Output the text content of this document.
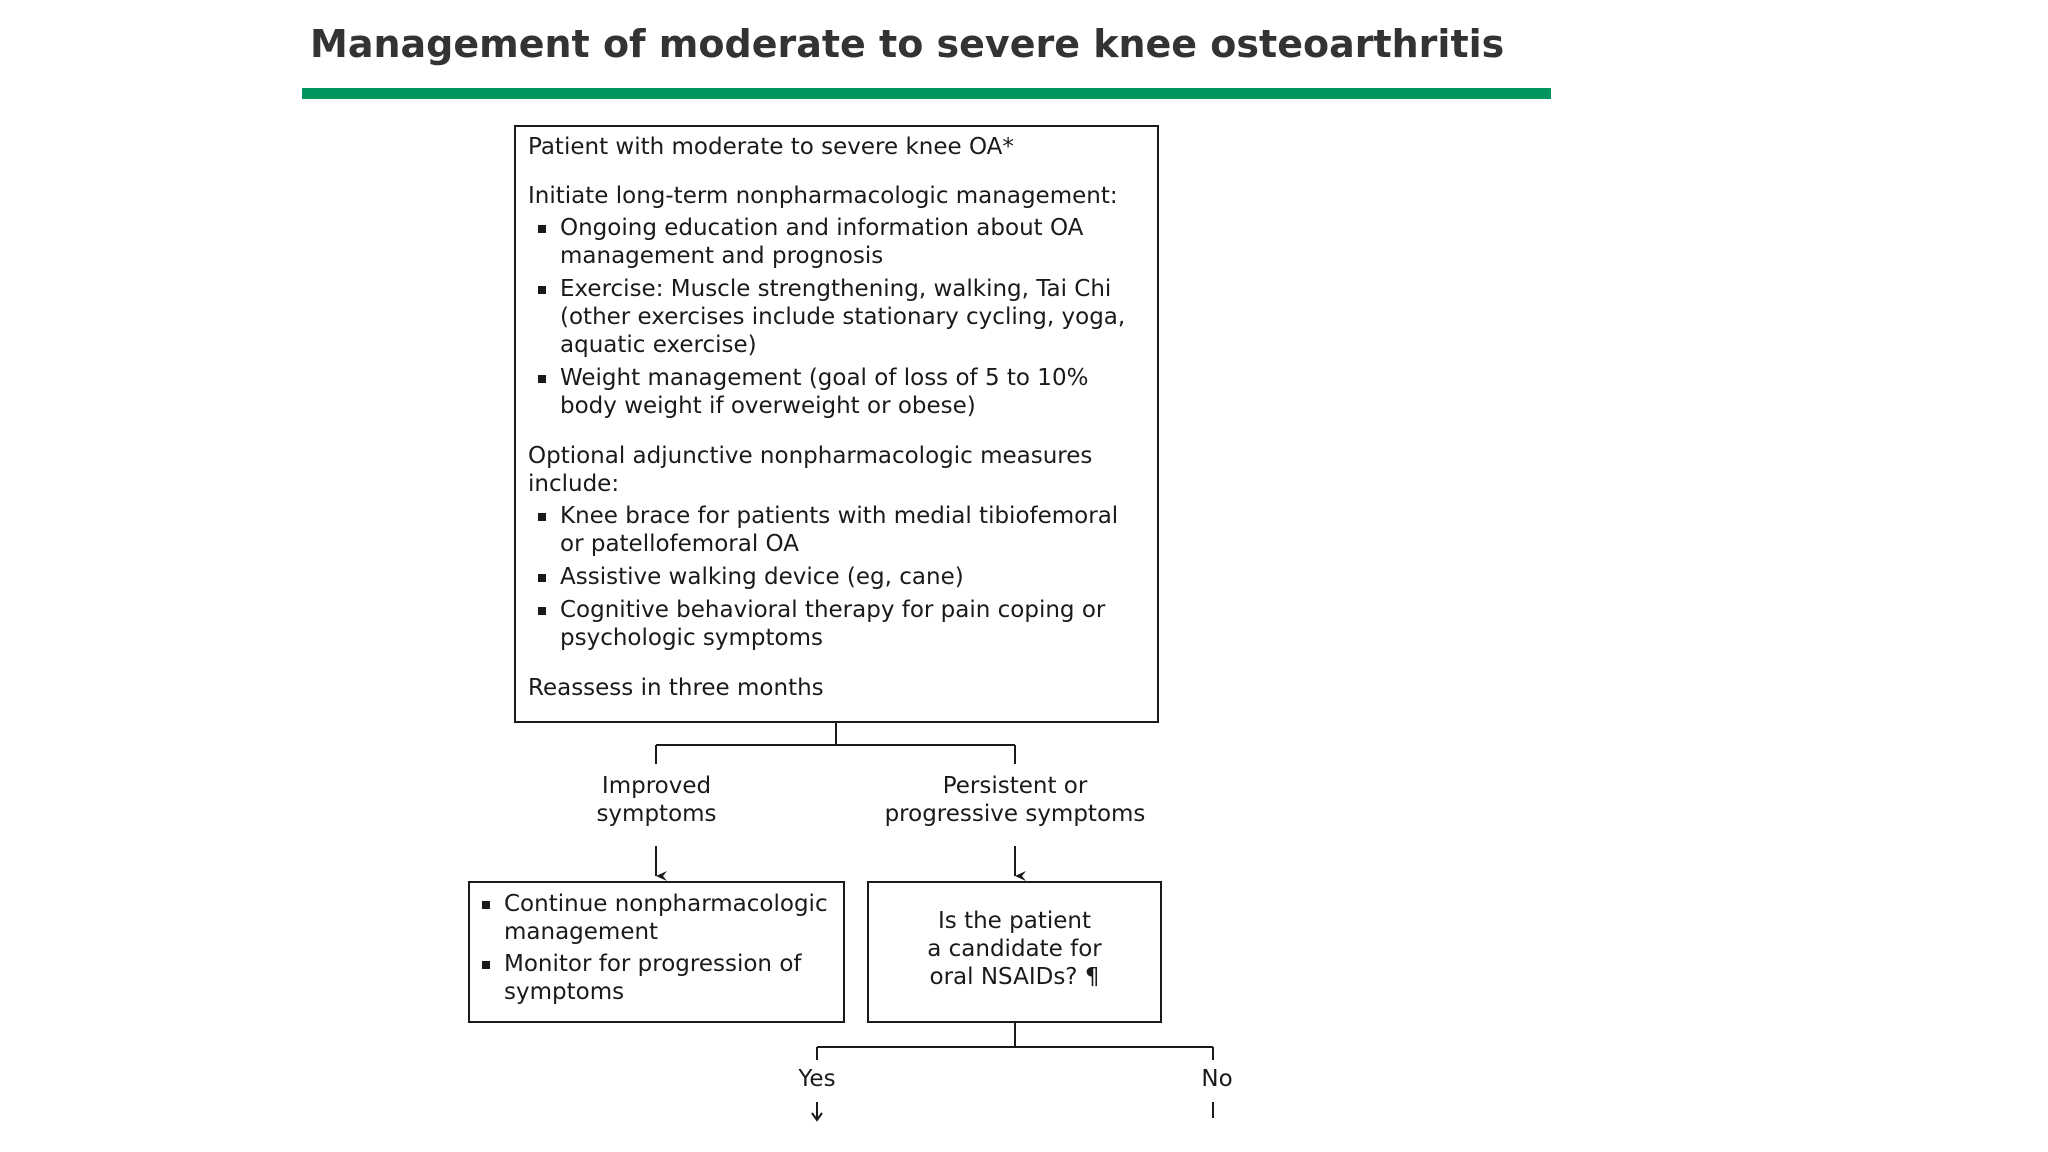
Management of moderate to severe knee osteoarthritis

Patient with moderate to severe knee OA*

Initiate long-term nonpharmacologic management:

Ongoing education and information about OA
management and prognosis
Exercise: Muscle strengthening, walking, Tai Chi
(other exercises include stationary cycling, yoga,
aquatic exercise)
Weight management (goal of loss of 5 to 10%
body weight if overweight or obese)
Optional adjunctive nonpharmacologic measures
include:
Knee brace for patients with medial tibiofemoral
or patellofemoral OA
Assistive walking device (eg, cane)
Cognitive behavioral therapy for pain coping or
psychologic symptoms

Reassess in three months

Improved
symptoms
Persistent or
progressive symptoms
Continue nonpharmacologic
management
Monitor for progression of
symptoms
Is the patient
a candidate for
oral NSAIDs? ¶
Yes	No
